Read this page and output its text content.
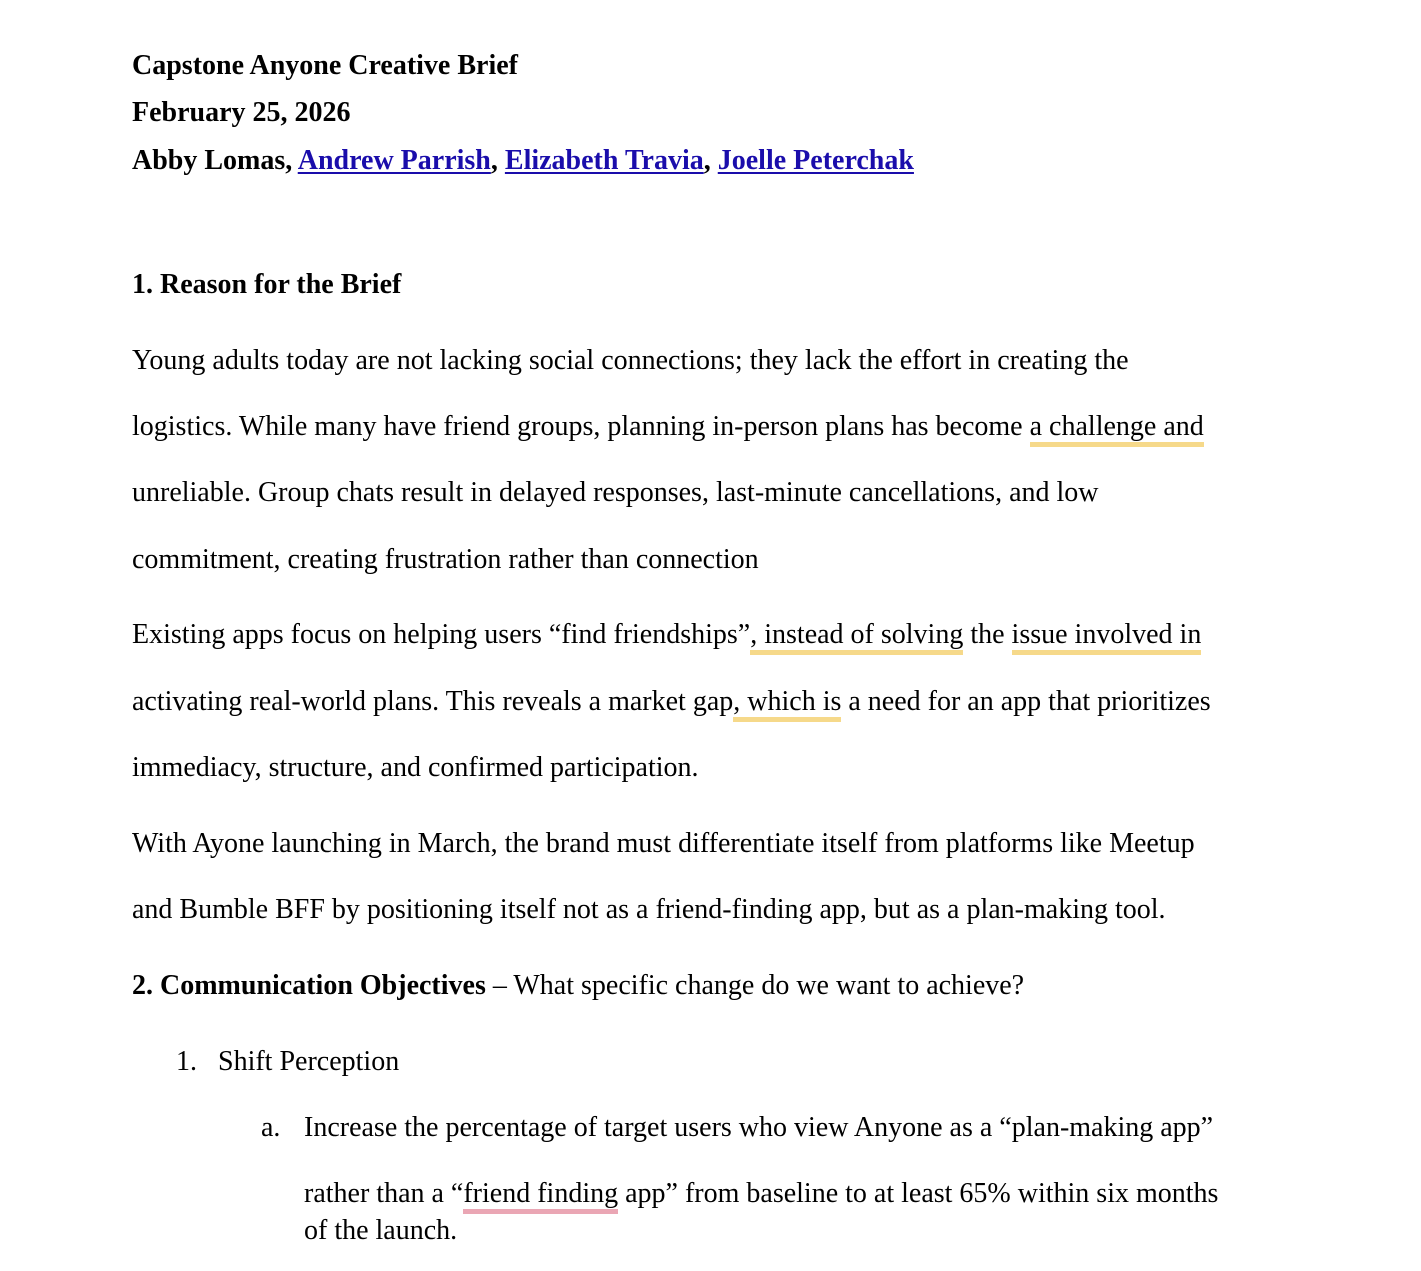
Capstone Anyone Creative Brief
February 25, 2026
Abby Lomas, Andrew Parrish, Elizabeth Travia, Joelle Peterchak
1. Reason for the Brief
Young adults today are not lacking social connections; they lack the effort in creating the
logistics. While many have friend groups, planning in-person plans has become a challenge and
unreliable. Group chats result in delayed responses, last-minute cancellations, and low
commitment, creating frustration rather than connection
Existing apps focus on helping users “find friendships”, instead of solving the issue involved in
activating real-world plans. This reveals a market gap, which is a need for an app that prioritizes
immediacy, structure, and confirmed participation.
With Ayone launching in March, the brand must differentiate itself from platforms like Meetup
and Bumble BFF by positioning itself not as a friend-finding app, but as a plan-making tool.
2. Communication Objectives – What specific change do we want to achieve?
1. Shift Perception
a. Increase the percentage of target users who view Anyone as a “plan-making app”
rather than a “friend finding app” from baseline to at least 65% within six months
of the launch.
